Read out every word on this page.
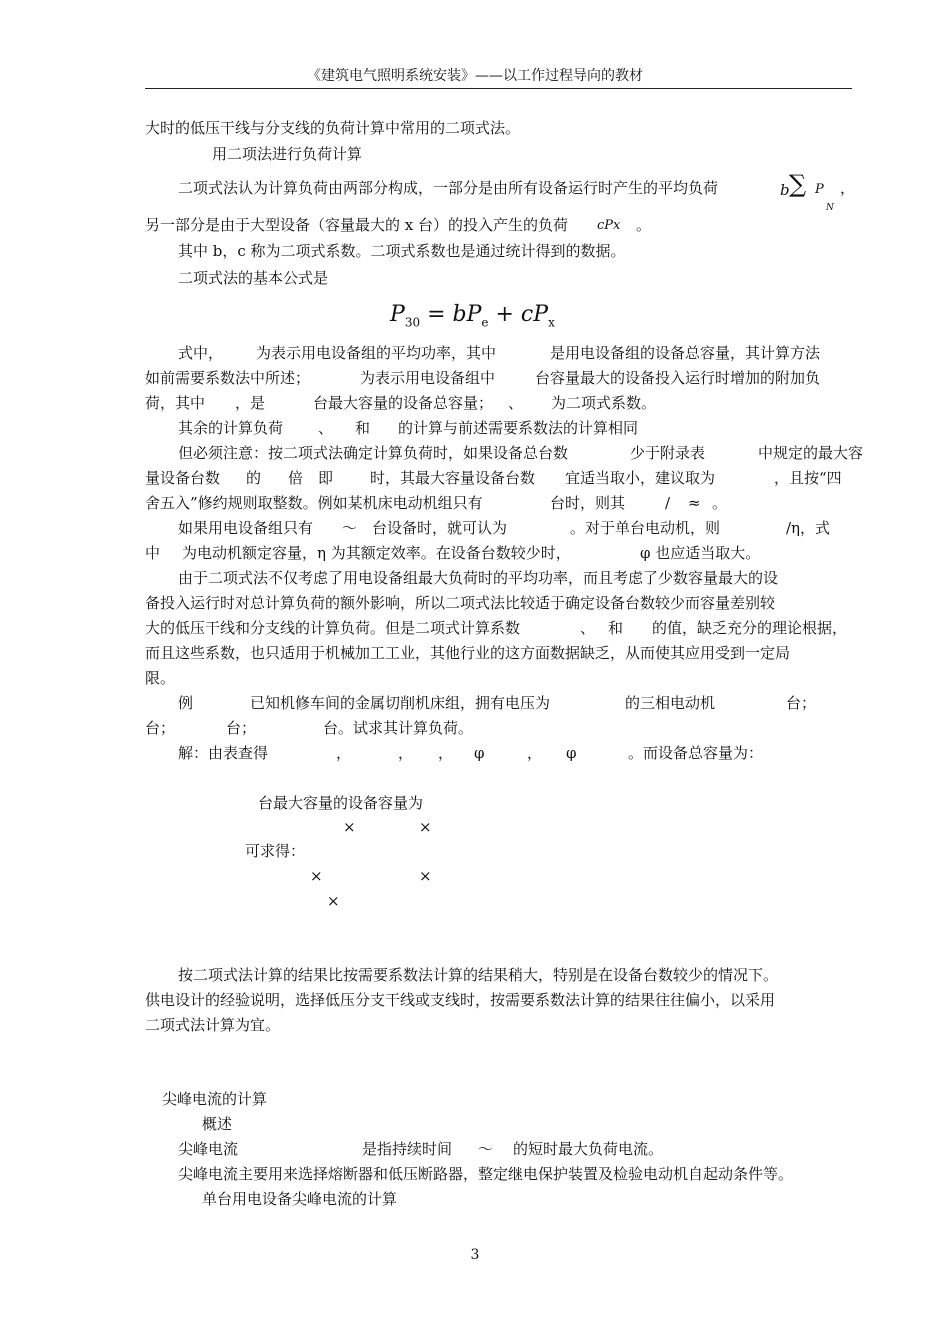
《建筑电气照明系统安装》——以工作过程导向的教材
大时的低压干线与分支线的负荷计算中常用的二项式法。
用二项法进行负荷计算
二项式法认为计算负荷由两部分构成，一部分是由所有设备运行时产生的平均负荷	b ∑ P
N
，
另一部分是由于大型设备（容量最大的 x 台）的投入产生的负荷 cPx 。
其中 b，c 称为二项式系数。二项式系数也是通过统计得到的数据。
二项式法的基本公式是
$P_{30} = bP_e + cP_x$
式中， 为表示用电设备组的平均功率，其中	是用电设备组的设备总容量，其计算方法
如前需要系数法中所述；	为表示用电设备组中	台容量最大的设备投入运行时增加的附加负
荷，其中 ，是	台最大容量的设备总容量； 、 为二项式系数。
其余的计算负荷 、 和 的计算与前述需要系数法的计算相同
但必须注意：按二项式法确定计算负荷时，如果设备总台数	少于附录表	中规定的最大容
量设备台数 的 倍 即 时，其最大容量设备台数 宜适当取小，建议取为	，且按“四
舍五入”修约规则取整数。例如某机床电动机组只有	台时，则其	/ ≈ 。
如果用电设备组只有 ～ 台设备时，就可认为	。对于单台电动机，则	/η，式
中 为电动机额定容量，η 为其额定效率。在设备台数较少时，	φ 也应适当取大。
由于二项式法不仅考虑了用电设备组最大负荷时的平均功率，而且考虑了少数容量最大的设
备投入运行时对总计算负荷的额外影响，所以二项式法比较适于确定设备台数较少而容量差别较
大的低压干线和分支线的计算负荷。但是二项式计算系数	、 和 的值，缺乏充分的理论根据，
而且这些系数，也只适用于机械加工工业，其他行业的这方面数据缺乏，从而使其应用受到一定局
限。
例	已知机修车间的金属切削机床组，拥有电压为	的三相电动机	台；
台；	台；	台。试求其计算负荷。
解：由表查得	，	， ， φ	， φ	。而设备总容量为：
台最大容量的设备容量为
×	×
可求得：
×	×
×
按二项式法计算的结果比按需要系数法计算的结果稍大，特别是在设备台数较少的情况下。
供电设计的经验说明，选择低压分支干线或支线时，按需要系数法计算的结果往往偏小，以采用
二项式法计算为宜。
尖峰电流的计算
概述
尖峰电流	是指持续时间 ～ 的短时最大负荷电流。
尖峰电流主要用来选择熔断器和低压断路器，整定继电保护装置及检验电动机自起动条件等。
单台用电设备尖峰电流的计算
3
